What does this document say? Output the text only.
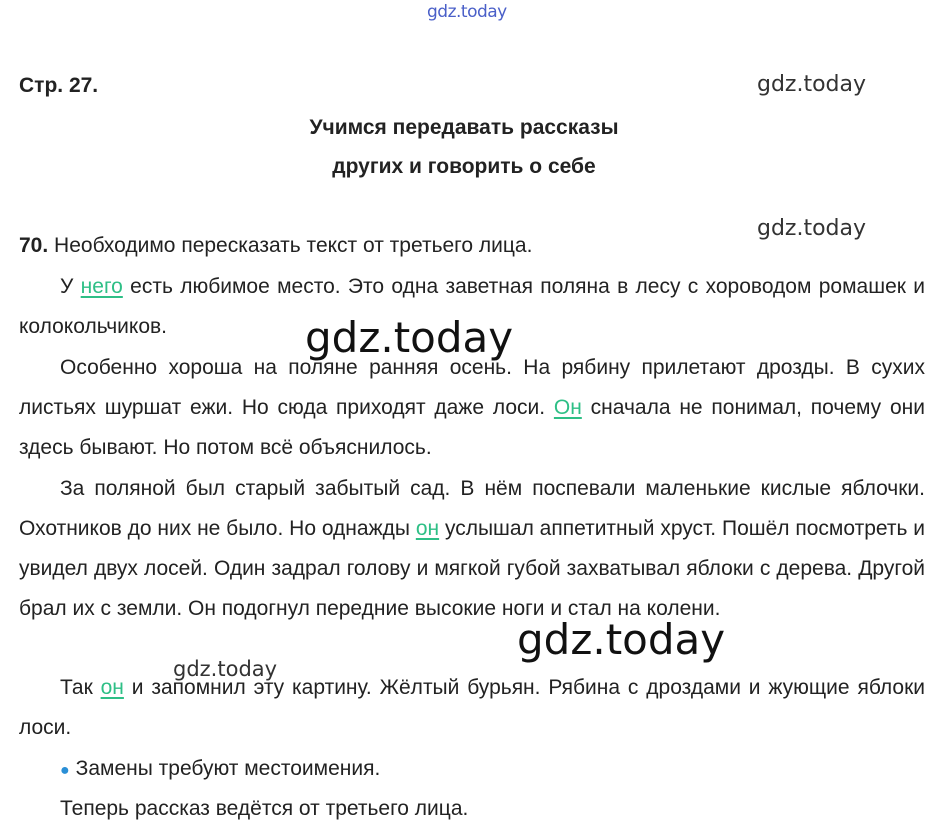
gdz.today
gdz.today
gdz.today
Стр. 27.
Учимся передавать рассказы
других и говорить о себе

70. Необходимо пересказать текст от третьего лица.

У него есть любимое место. Это одна заветная поляна в лесу с хороводом ромашек и колокольчиков.

Особенно хороша на поляне ранняя осень. На рябину прилетают дрозды. В сухих листьях шуршат ежи. Но сюда приходят даже лоси. Он сначала не понимал, почему они здесь бывают. Но потом всё объяснилось.

За поляной был старый забытый сад. В нём поспевали маленькие кислые яблочки. Охотников до них не было. Но однажды он услышал аппетитный хруст. Пошёл посмотреть и увидел двух лосей. Один задрал голову и мягкой губой захватывал яблоки с дерева. Другой брал их с земли. Он подогнул передние высокие ноги и стал на колени.

Так он и запомнил эту картину. Жёлтый бурьян. Рябина с дроздами и жующие яблоки лоси.

● Замены требуют местоимения.

Теперь рассказ ведётся от третьего лица.

gdz.today
gdz.today
gdz.today
